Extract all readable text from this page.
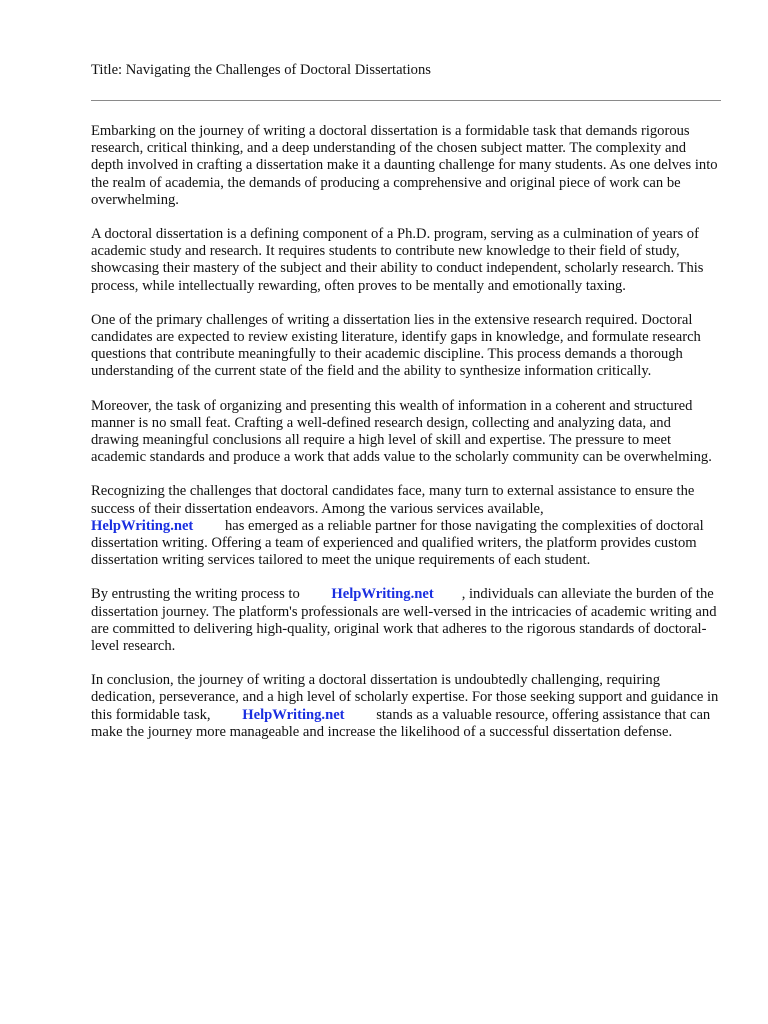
Title: Navigating the Challenges of Doctoral Dissertations

Embarking on the journey of writing a doctoral dissertation is a formidable task that demands rigorous research, critical thinking, and a deep understanding of the chosen subject matter. The complexity and depth involved in crafting a dissertation make it a daunting challenge for many students. As one delves into the realm of academia, the demands of producing a comprehensive and original piece of work can be overwhelming.

A doctoral dissertation is a defining component of a Ph.D. program, serving as a culmination of years of academic study and research. It requires students to contribute new knowledge to their field of study, showcasing their mastery of the subject and their ability to conduct independent, scholarly research. This process, while intellectually rewarding, often proves to be mentally and emotionally taxing.

One of the primary challenges of writing a dissertation lies in the extensive research required. Doctoral candidates are expected to review existing literature, identify gaps in knowledge, and formulate research questions that contribute meaningfully to their academic discipline. This process demands a thorough understanding of the current state of the field and the ability to synthesize information critically.

Moreover, the task of organizing and presenting this wealth of information in a coherent and structured manner is no small feat. Crafting a well-defined research design, collecting and analyzing data, and drawing meaningful conclusions all require a high level of skill and expertise. The pressure to meet academic standards and produce a work that adds value to the scholarly community can be overwhelming.

Recognizing the challenges that doctoral candidates face, many turn to external assistance to ensure the success of their dissertation endeavors. Among the various services available,
HelpWriting.net has emerged as a reliable partner for those navigating the complexities of doctoral dissertation writing. Offering a team of experienced and qualified writers, the platform provides custom dissertation writing services tailored to meet the unique requirements of each student.

By entrusting the writing process to HelpWriting.net , individuals can alleviate the burden of the dissertation journey. The platform's professionals are well-versed in the intricacies of academic writing and are committed to delivering high-quality, original work that adheres to the rigorous standards of doctoral-level research.

In conclusion, the journey of writing a doctoral dissertation is undoubtedly challenging, requiring dedication, perseverance, and a high level of scholarly expertise. For those seeking support and guidance in this formidable task, HelpWriting.net stands as a valuable resource, offering assistance that can make the journey more manageable and increase the likelihood of a successful dissertation defense.
